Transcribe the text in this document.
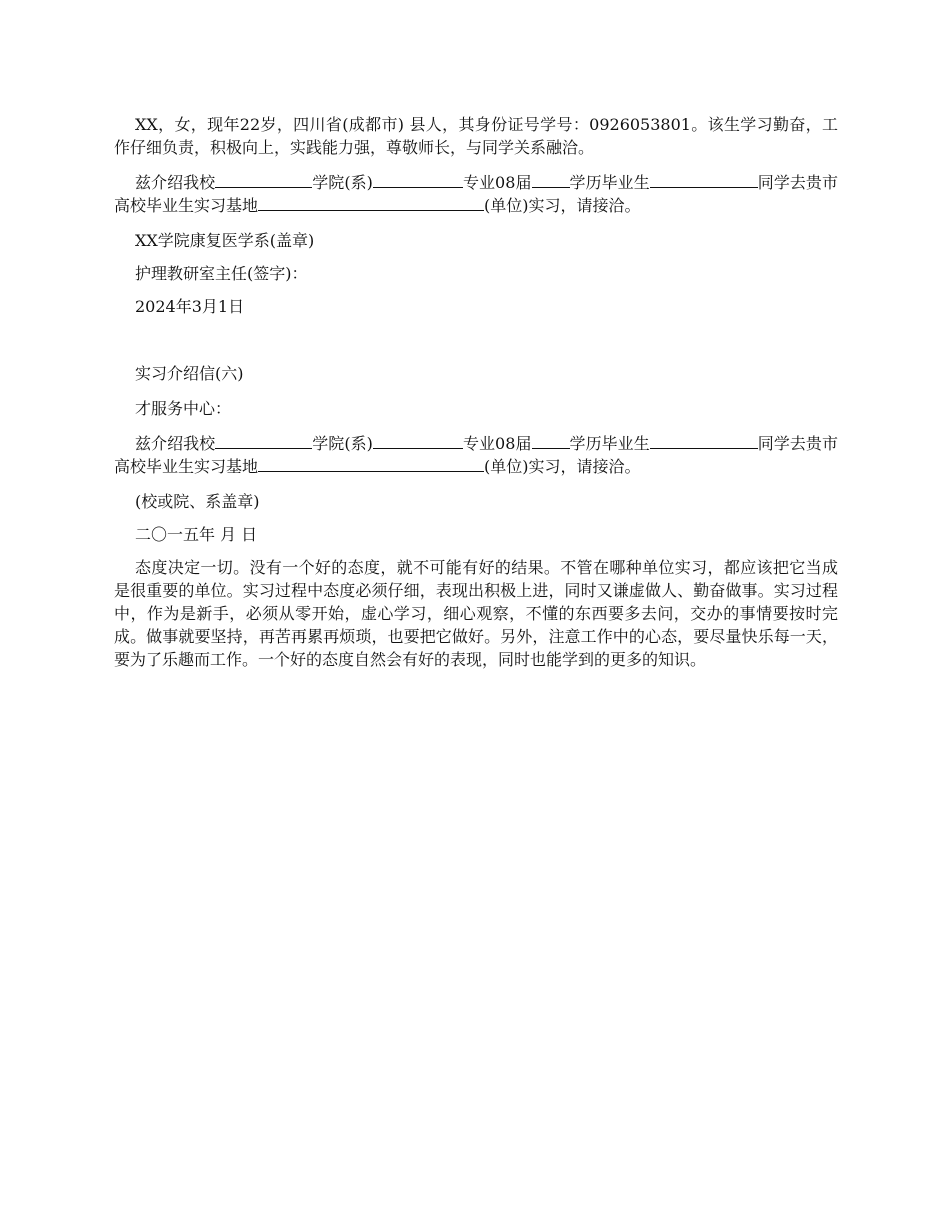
XX，女，现年22岁，四川省(成都市) 县人，其身份证号学号：0926053801。该生学习勤奋，工作仔细负责，积极向上，实践能力强，尊敬师长，与同学关系融洽。

兹介绍我校	学院(系)	专业08届 学历毕业生	同学去贵市高校毕业生实习基地	(单位)实习，请接洽。

XX学院康复医学系(盖章)

护理教研室主任(签字)：

2024年3月1日

实习介绍信(六)

才服务中心：

兹介绍我校	学院(系)	专业08届 学历毕业生	同学去贵市高校毕业生实习基地	(单位)实习，请接洽。

(校或院、系盖章)

二〇一五年 月 日

态度决定一切。没有一个好的态度，就不可能有好的结果。不管在哪种单位实习，都应该把它当成是很重要的单位。实习过程中态度必须仔细，表现出积极上进，同时又谦虚做人、勤奋做事。实习过程中，作为是新手，必须从零开始，虚心学习，细心观察，不懂的东西要多去问，交办的事情要按时完成。做事就要坚持，再苦再累再烦琐，也要把它做好。另外，注意工作中的心态，要尽量快乐每一天，要为了乐趣而工作。一个好的态度自然会有好的表现，同时也能学到的更多的知识。
